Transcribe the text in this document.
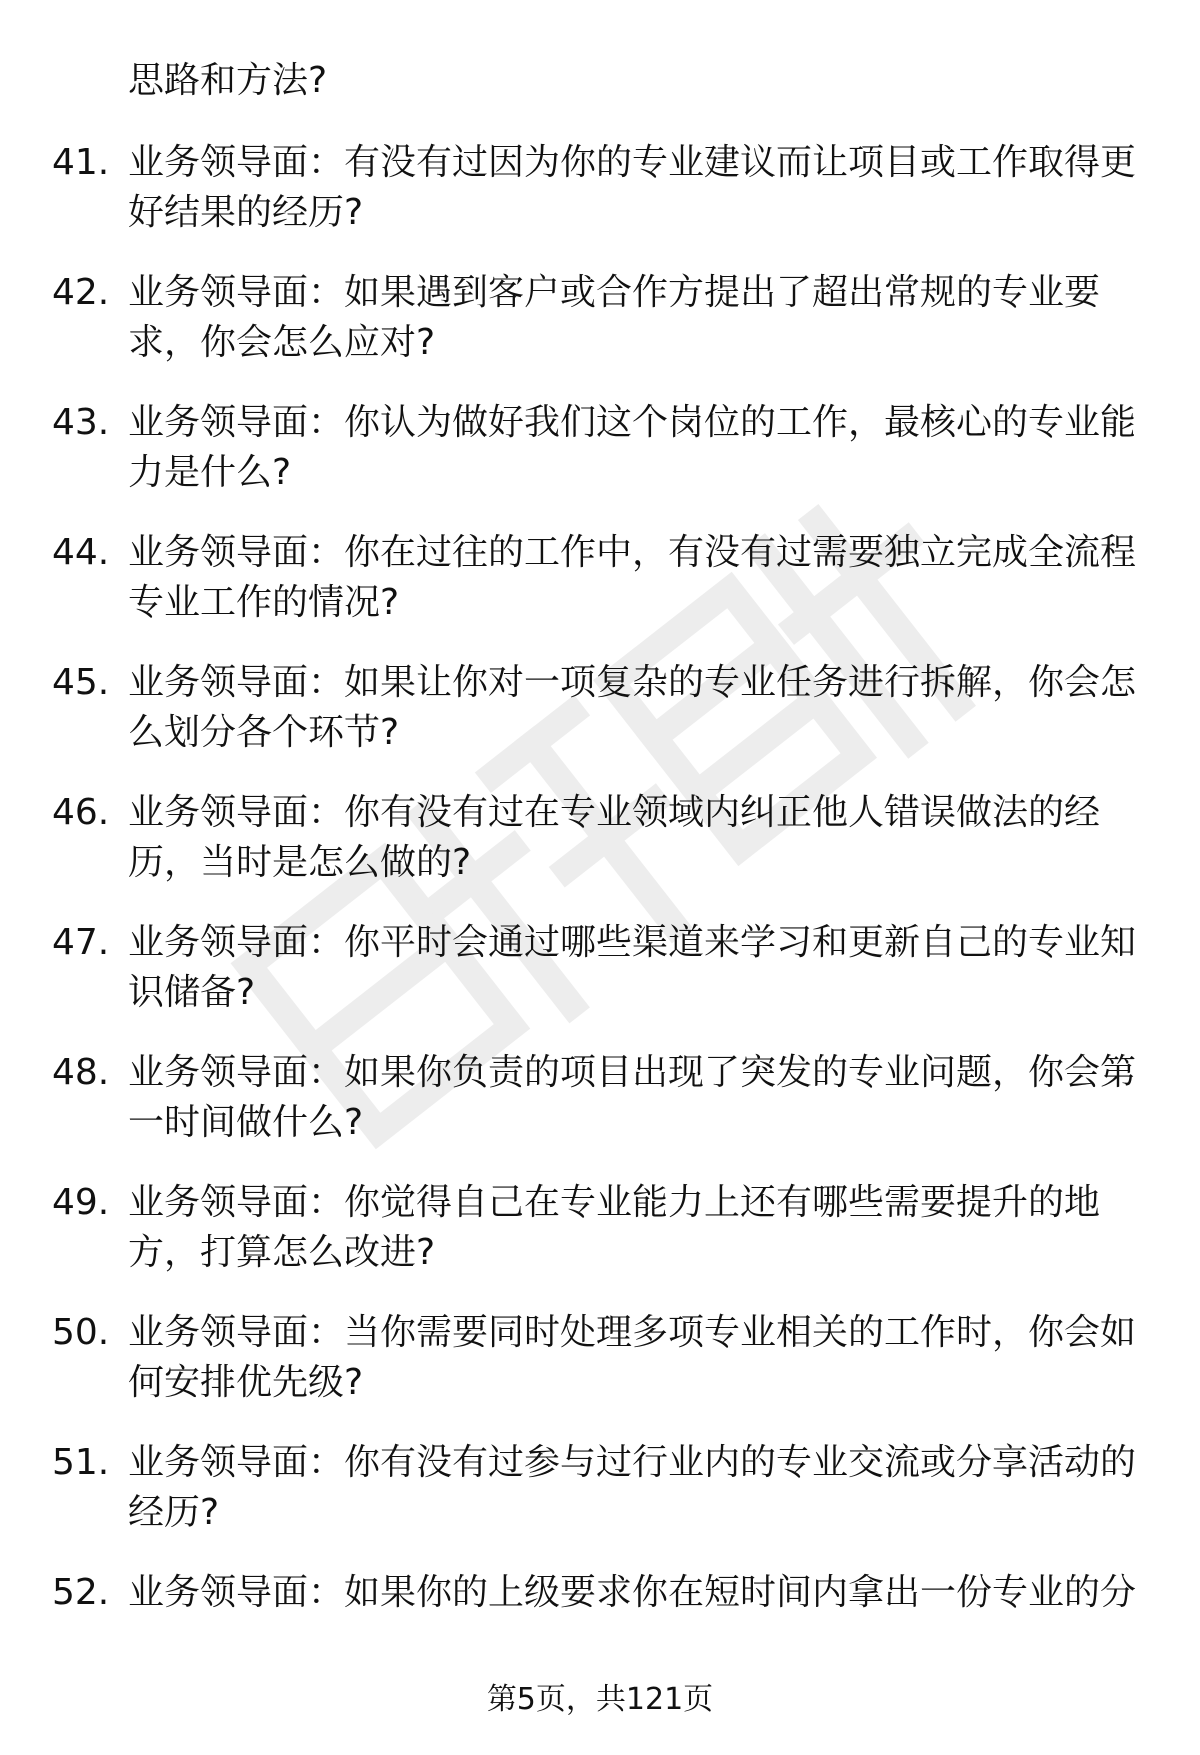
思路和方法?
41. 业务领导面：有没有过因为你的专业建议而让项目或工作取得更
好结果的经历?
42. 业务领导面：如果遇到客户或合作方提出了超出常规的专业要
求，你会怎么应对?
43. 业务领导面：你认为做好我们这个岗位的工作，最核心的专业能
力是什么?
44. 业务领导面：你在过往的工作中，有没有过需要独立完成全流程
专业工作的情况?
45. 业务领导面：如果让你对一项复杂的专业任务进行拆解，你会怎
么划分各个环节?
46. 业务领导面：你有没有过在专业领域内纠正他人错误做法的经
历，当时是怎么做的?
47. 业务领导面：你平时会通过哪些渠道来学习和更新自己的专业知
识储备?
48. 业务领导面：如果你负责的项目出现了突发的专业问题，你会第
一时间做什么?
49. 业务领导面：你觉得自己在专业能力上还有哪些需要提升的地
方，打算怎么改进?
50. 业务领导面：当你需要同时处理多项专业相关的工作时，你会如
何安排优先级?
51. 业务领导面：你有没有过参与过行业内的专业交流或分享活动的
经历?
52. 业务领导面：如果你的上级要求你在短时间内拿出一份专业的分
第5页，共121页
